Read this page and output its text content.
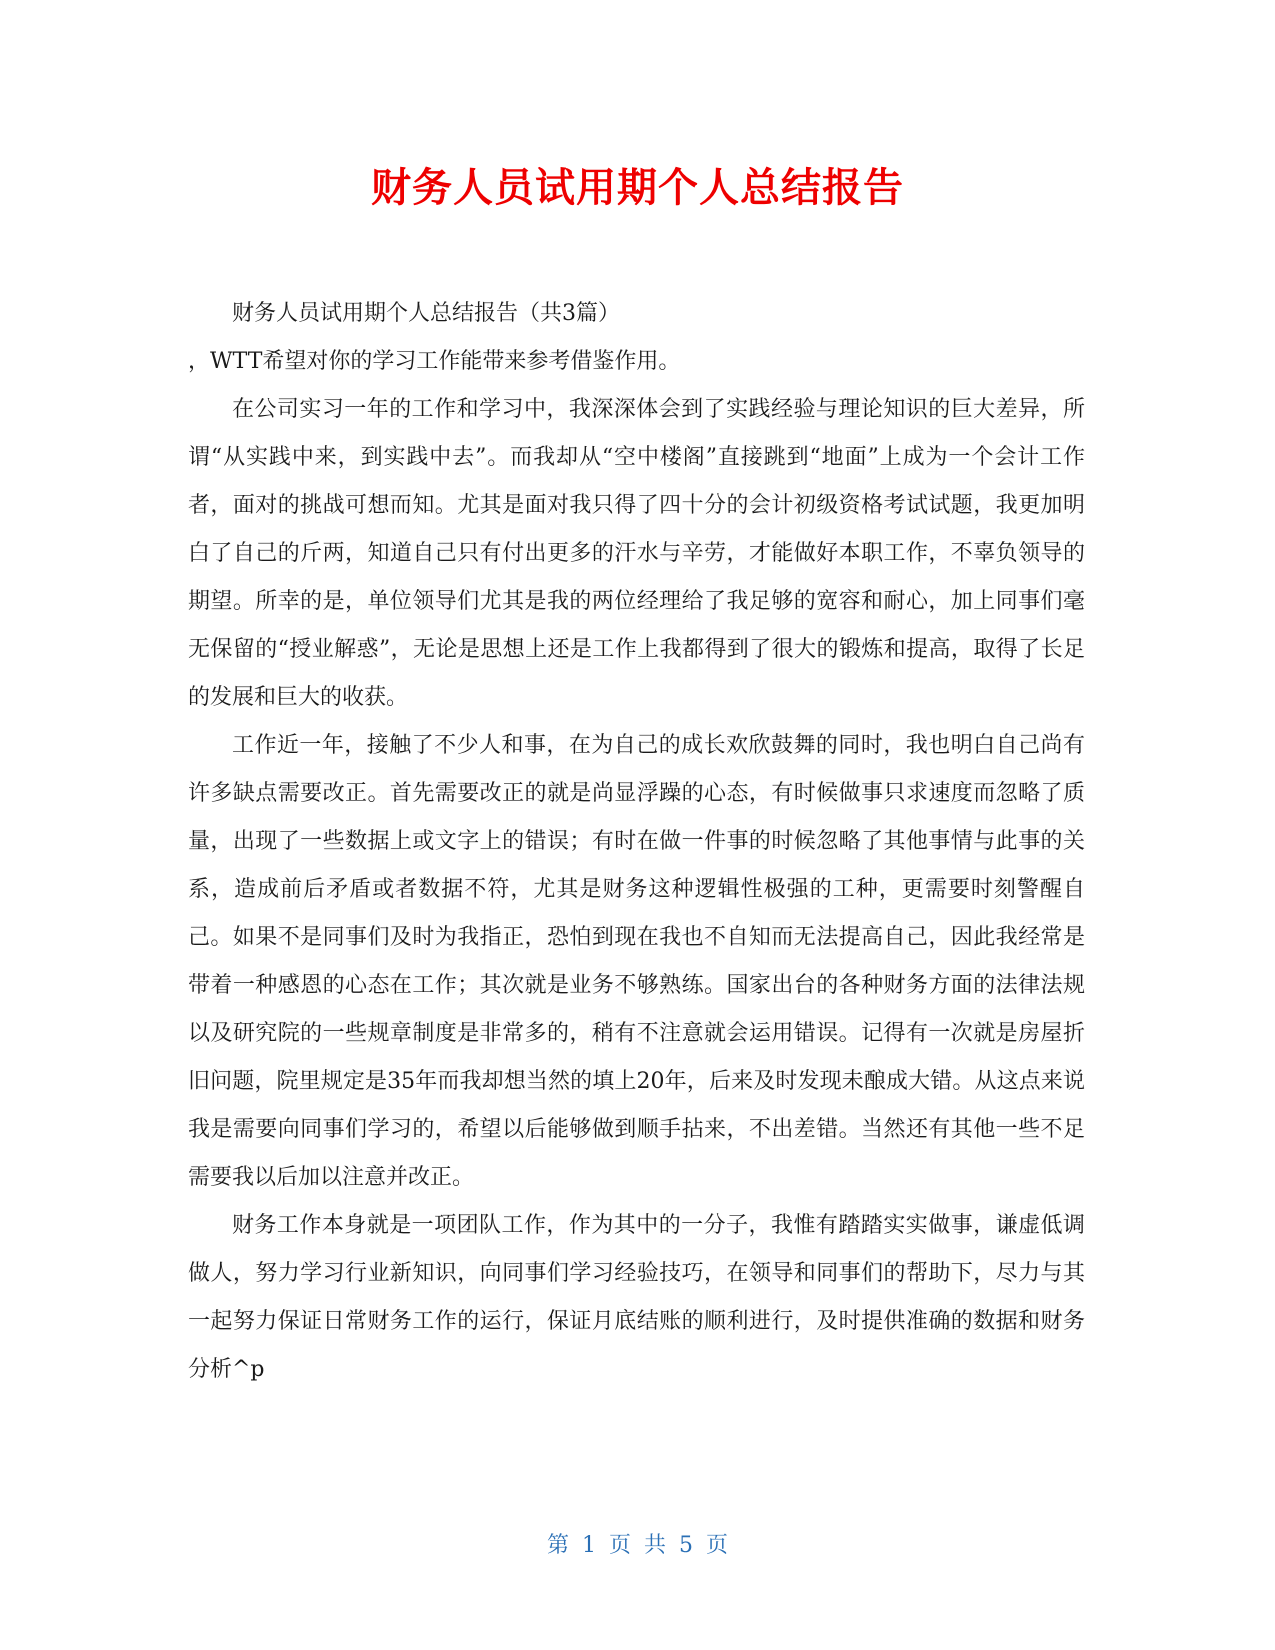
财务人员试用期个人总结报告

财务人员试用期个人总结报告（共3篇）

，WTT希望对你的学习工作能带来参考借鉴作用。

在公司实习一年的工作和学习中，我深深体会到了实践经验与理论知识的巨大差异，所谓“从实践中来，到实践中去”。而我却从“空中楼阁”直接跳到“地面”上成为一个会计工作者，面对的挑战可想而知。尤其是面对我只得了四十分的会计初级资格考试试题，我更加明白了自己的斤两，知道自己只有付出更多的汗水与辛劳，才能做好本职工作，不辜负领导的期望。所幸的是，单位领导们尤其是我的两位经理给了我足够的宽容和耐心，加上同事们毫无保留的“授业解惑”，无论是思想上还是工作上我都得到了很大的锻炼和提高，取得了长足的发展和巨大的收获。

工作近一年，接触了不少人和事，在为自己的成长欢欣鼓舞的同时，我也明白自己尚有许多缺点需要改正。首先需要改正的就是尚显浮躁的心态，有时候做事只求速度而忽略了质量，出现了一些数据上或文字上的错误；有时在做一件事的时候忽略了其他事情与此事的关系，造成前后矛盾或者数据不符，尤其是财务这种逻辑性极强的工种，更需要时刻警醒自己。如果不是同事们及时为我指正，恐怕到现在我也不自知而无法提高自己，因此我经常是带着一种感恩的心态在工作；其次就是业务不够熟练。国家出台的各种财务方面的法律法规以及研究院的一些规章制度是非常多的，稍有不注意就会运用错误。记得有一次就是房屋折旧问题，院里规定是35年而我却想当然的填上20年，后来及时发现未酿成大错。从这点来说我是需要向同事们学习的，希望以后能够做到顺手拈来，不出差错。当然还有其他一些不足需要我以后加以注意并改正。

财务工作本身就是一项团队工作，作为其中的一分子，我惟有踏踏实实做事，谦虚低调做人，努力学习行业新知识，向同事们学习经验技巧，在领导和同事们的帮助下，尽力与其一起努力保证日常财务工作的运行，保证月底结账的顺利进行，及时提供准确的数据和财务分析^p

第 1 页 共 5 页
